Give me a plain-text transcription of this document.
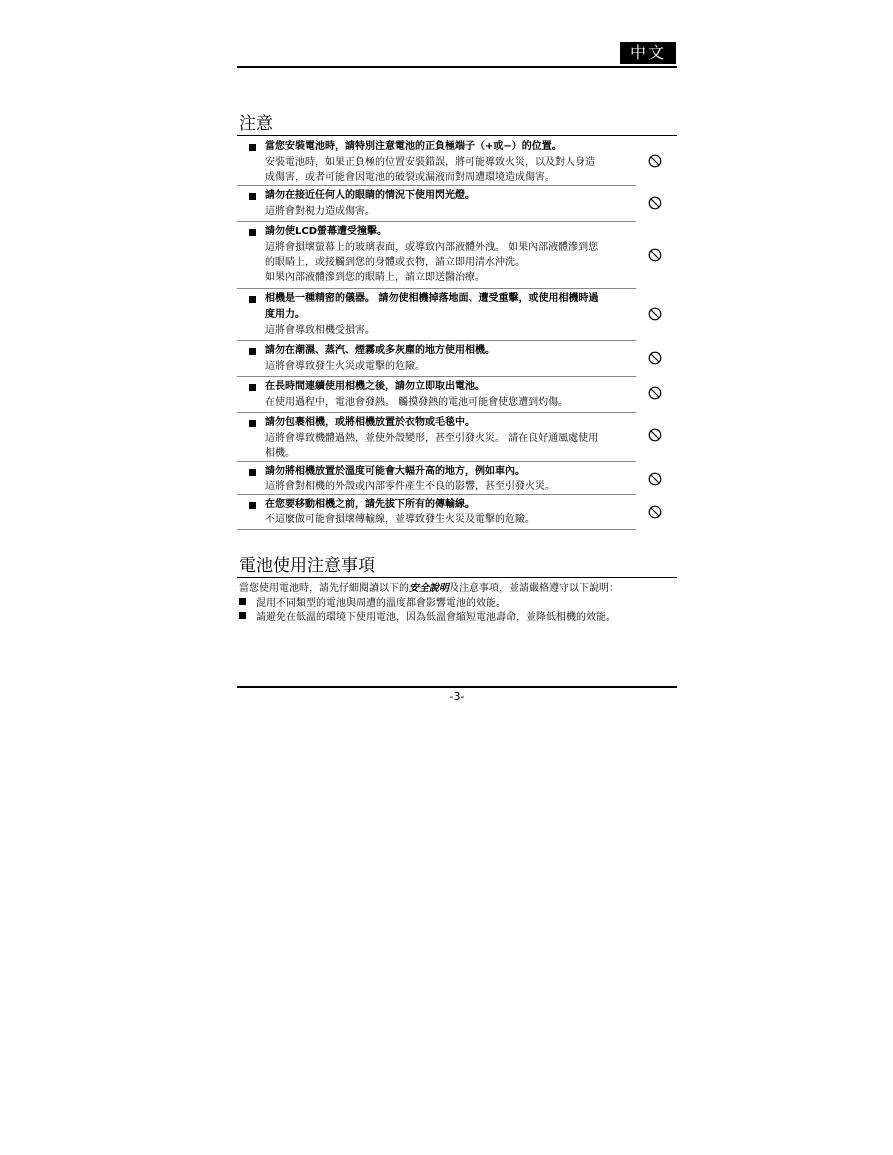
中文
注意
當您安裝電池時，請特別注意電池的正負極端子（+或−）的位置。
安裝電池時，如果正負極的位置安裝錯誤，將可能導致火災，以及對人身造
成傷害，或者可能會因電池的破裂或漏液而對周遭環境造成傷害。
請勿在接近任何人的眼睛的情況下使用閃光燈。
這將會對視力造成傷害。
請勿使LCD螢幕遭受撞擊。
這將會損壞螢幕上的玻璃表面，或導致內部液體外洩。 如果內部液體滲到您
的眼睛上，或接觸到您的身體或衣物，請立即用清水沖洗。
如果內部液體滲到您的眼睛上，請立即送醫治療。
相機是一種精密的儀器。 請勿使相機掉落地面、遭受重擊，或使用相機時過
度用力。
這將會導致相機受損害。
請勿在潮濕、蒸汽、煙霧或多灰塵的地方使用相機。
這將會導致發生火災或電擊的危險。
在長時間連續使用相機之後，請勿立即取出電池。
在使用過程中，電池會發熱。 觸摸發熱的電池可能會使您遭到灼傷。
請勿包裹相機，或將相機放置於衣物或毛毯中。
這將會導致機體過熱，並使外殼變形，甚至引發火災。 請在良好通風處使用
相機。
請勿將相機放置於溫度可能會大幅升高的地方，例如車內。
這將會對相機的外殼或內部零件產生不良的影響，甚至引發火災。
在您要移動相機之前，請先拔下所有的傳輸線。
不這麼做可能會損壞傳輸線，並導致發生火災及電擊的危險。
電池使用注意事項
當您使用電池時，請先仔細閱讀以下的安全說明及注意事項，並請嚴格遵守以下說明：
混用不同類型的電池與周遭的溫度都會影響電池的效能。
請避免在低溫的環境下使用電池，因為低溫會縮短電池壽命，並降低相機的效能。
-3-
